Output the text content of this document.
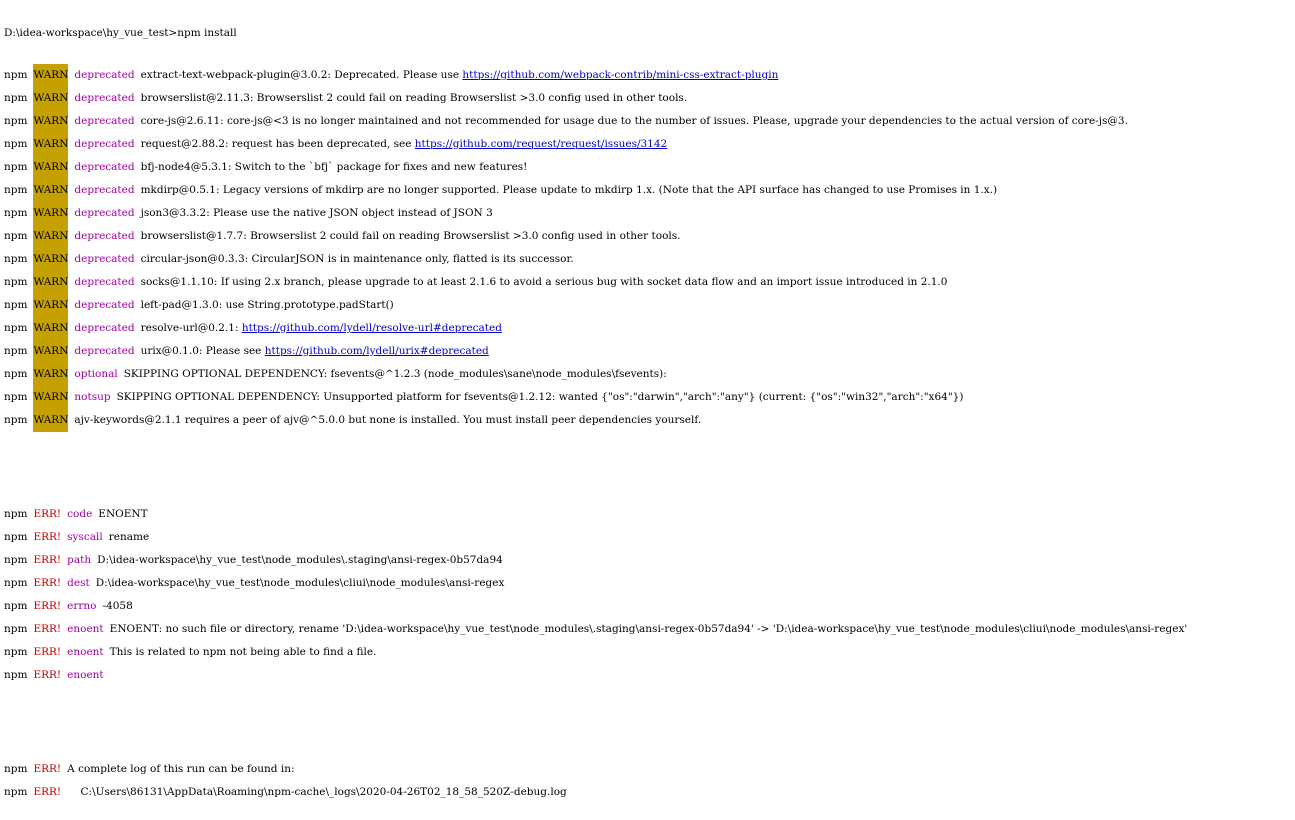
D:\idea-workspace\hy_vue_test>npm install

npm WARN deprecated extract-text-webpack-plugin@3.0.2: Deprecated. Please use https://github.com/webpack-contrib/mini-css-extract-plugin
npm WARN deprecated browserslist@2.11.3: Browserslist 2 could fail on reading Browserslist >3.0 config used in other tools.
npm WARN deprecated core-js@2.6.11: core-js@<3 is no longer maintained and not recommended for usage due to the number of issues. Please, upgrade your dependencies to the actual version of core-js@3.
npm WARN deprecated request@2.88.2: request has been deprecated, see https://github.com/request/request/issues/3142
npm WARN deprecated bfj-node4@5.3.1: Switch to the `bfj` package for fixes and new features!
npm WARN deprecated mkdirp@0.5.1: Legacy versions of mkdirp are no longer supported. Please update to mkdirp 1.x. (Note that the API surface has changed to use Promises in 1.x.)
npm WARN deprecated json3@3.3.2: Please use the native JSON object instead of JSON 3
npm WARN deprecated browserslist@1.7.7: Browserslist 2 could fail on reading Browserslist >3.0 config used in other tools.
npm WARN deprecated circular-json@0.3.3: CircularJSON is in maintenance only, flatted is its successor.
npm WARN deprecated socks@1.1.10: If using 2.x branch, please upgrade to at least 2.1.6 to avoid a serious bug with socket data flow and an import issue introduced in 2.1.0
npm WARN deprecated left-pad@1.3.0: use String.prototype.padStart()
npm WARN deprecated resolve-url@0.2.1: https://github.com/lydell/resolve-url#deprecated
npm WARN deprecated urix@0.1.0: Please see https://github.com/lydell/urix#deprecated
npm WARN optional SKIPPING OPTIONAL DEPENDENCY: fsevents@^1.2.3 (node_modules\sane\node_modules\fsevents):
npm WARN notsup SKIPPING OPTIONAL DEPENDENCY: Unsupported platform for fsevents@1.2.12: wanted {"os":"darwin","arch":"any"} (current: {"os":"win32","arch":"x64"})
npm WARN ajv-keywords@2.1.1 requires a peer of ajv@^5.0.0 but none is installed. You must install peer dependencies yourself.

npm ERR! code ENOENT
npm ERR! syscall rename
npm ERR! path D:\idea-workspace\hy_vue_test\node_modules\.staging\ansi-regex-0b57da94
npm ERR! dest D:\idea-workspace\hy_vue_test\node_modules\cliui\node_modules\ansi-regex
npm ERR! errno -4058
npm ERR! enoent ENOENT: no such file or directory, rename 'D:\idea-workspace\hy_vue_test\node_modules\.staging\ansi-regex-0b57da94' -> 'D:\idea-workspace\hy_vue_test\node_modules\cliui\node_modules\ansi-regex'
npm ERR! enoent This is related to npm not being able to find a file.
npm ERR! enoent

npm ERR! A complete log of this run can be found in:
npm ERR! C:\Users\86131\AppData\Roaming\npm-cache\_logs\2020-04-26T02_18_58_520Z-debug.log
